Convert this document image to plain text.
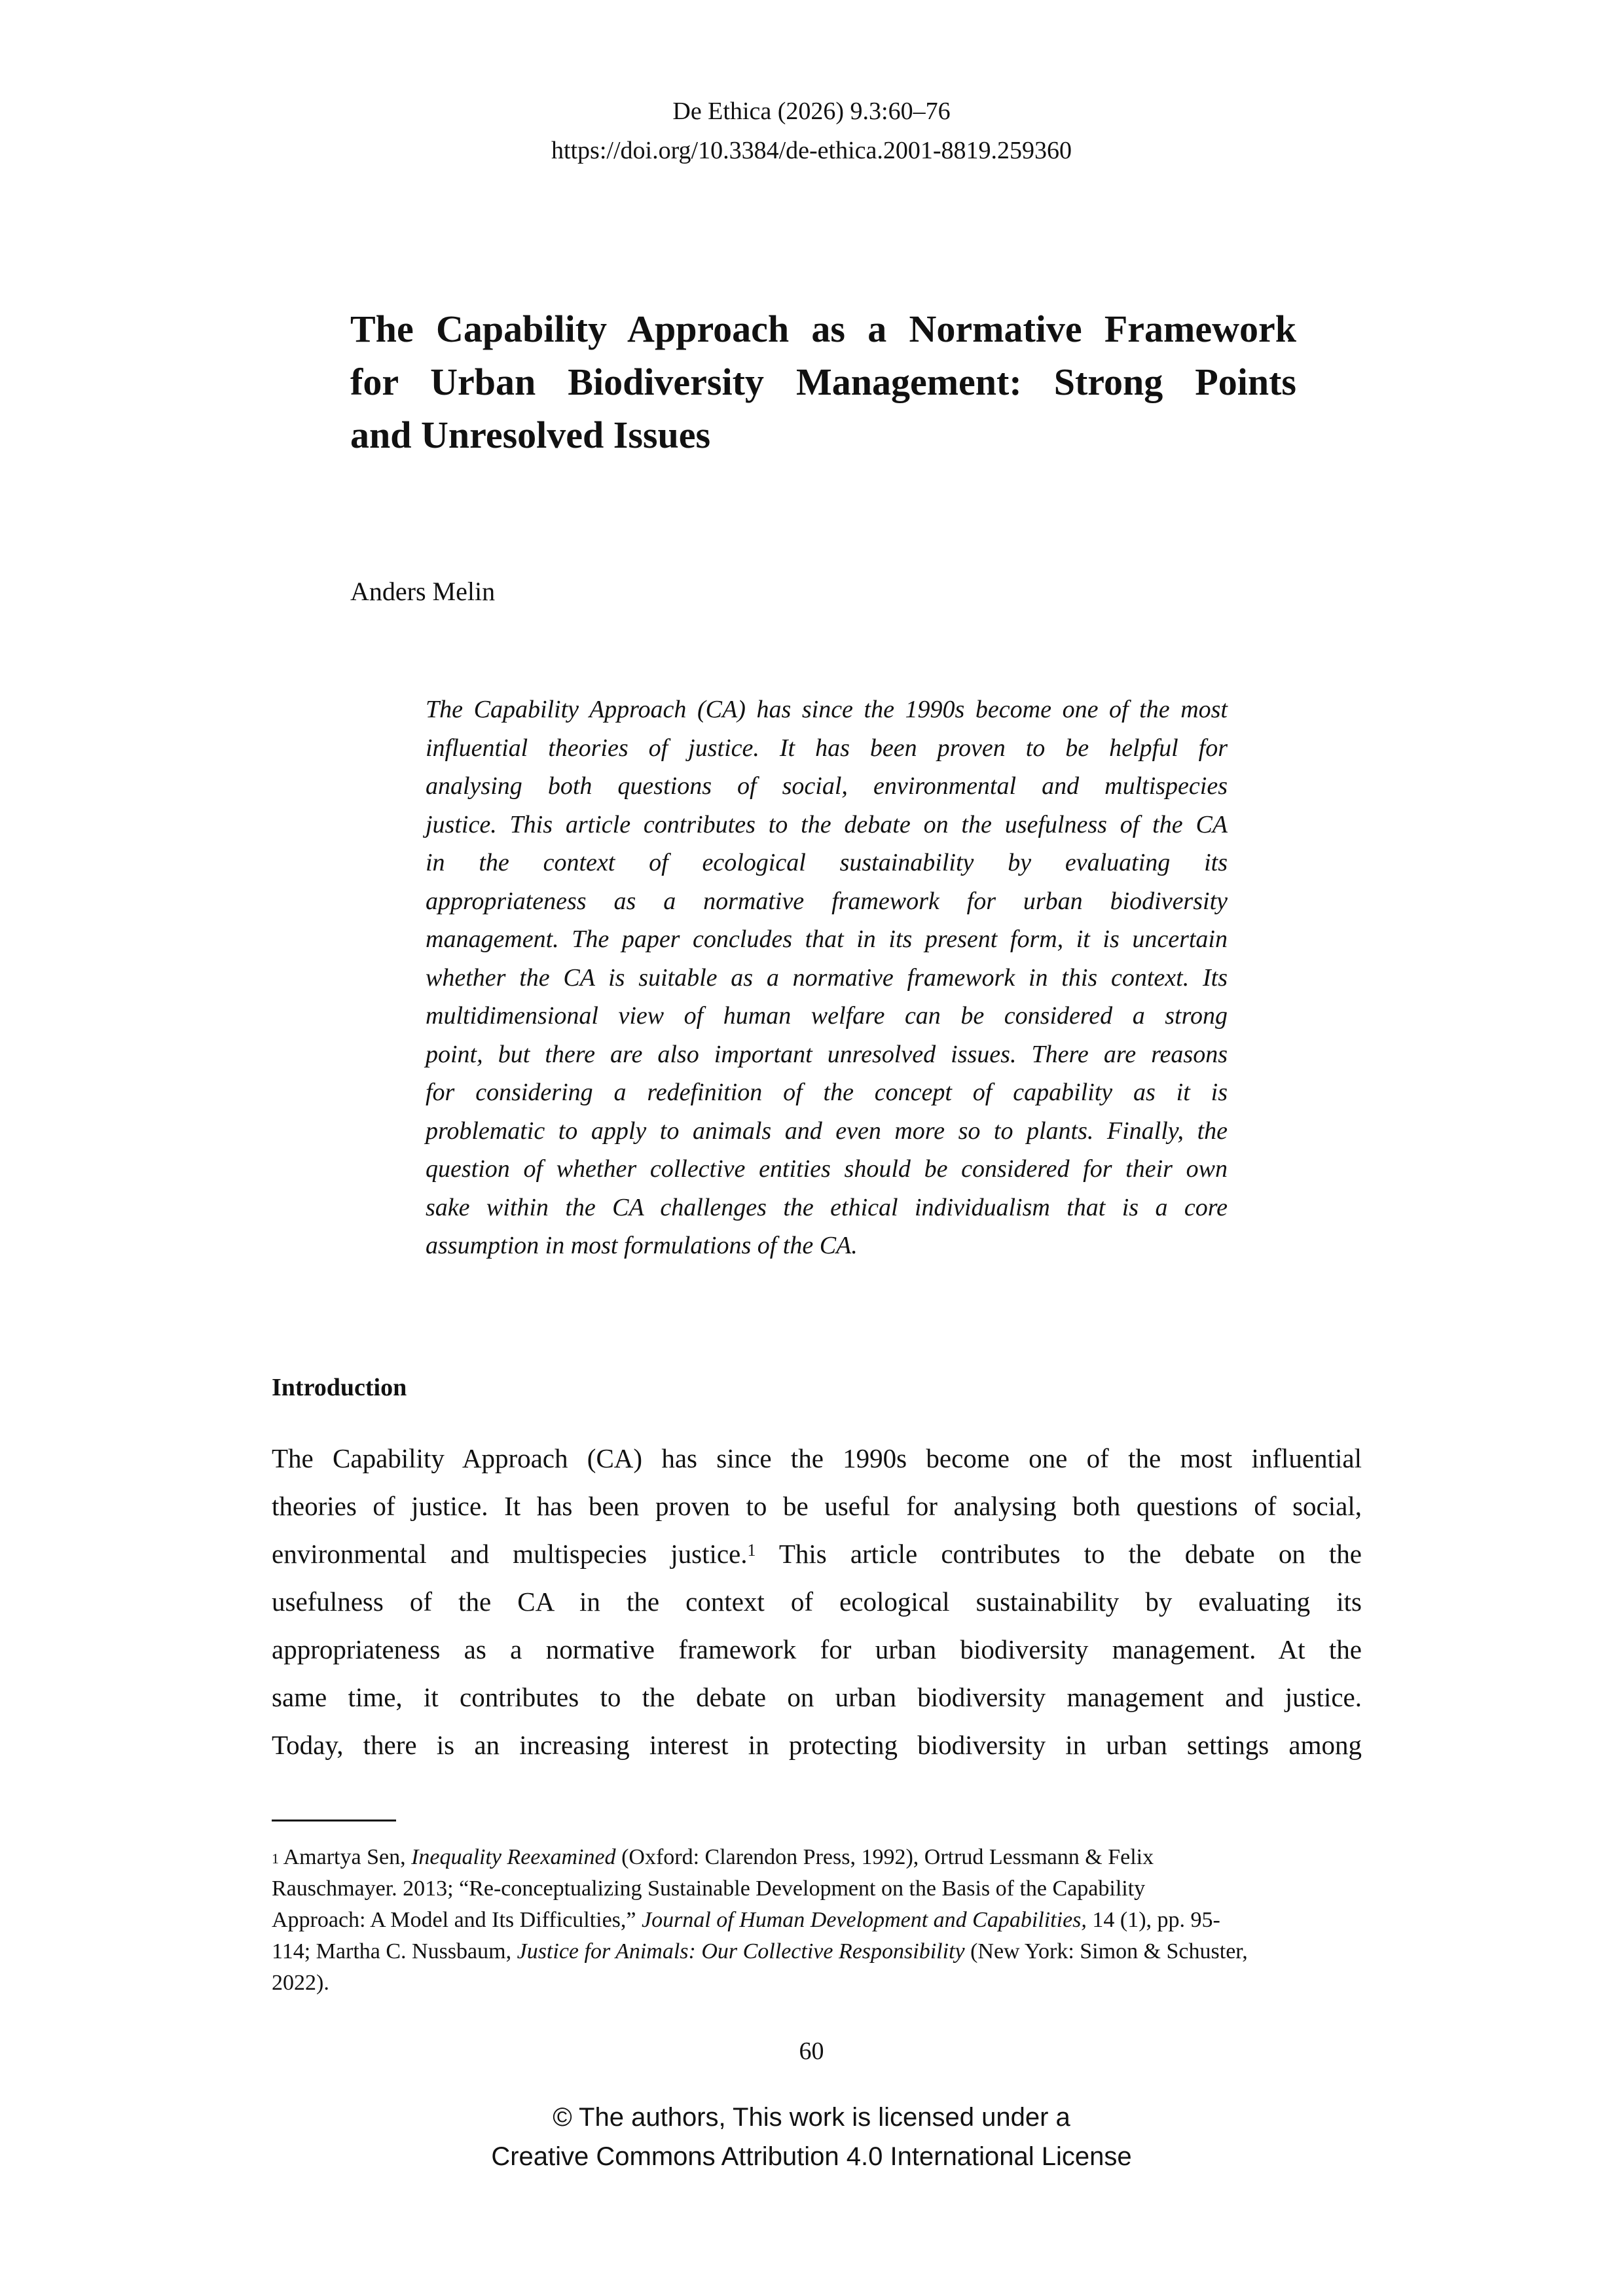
De Ethica (2026) 9.3:60–76
https://doi.org/10.3384/de-ethica.2001-8819.259360
The Capability Approach as a Normative Framework
for Urban Biodiversity Management: Strong Points
and Unresolved Issues
Anders Melin
The Capability Approach (CA) has since the 1990s become one of the most
influential theories of justice. It has been proven to be helpful for
analysing both questions of social, environmental and multispecies
justice. This article contributes to the debate on the usefulness of the CA
in the context of ecological sustainability by evaluating its
appropriateness as a normative framework for urban biodiversity
management. The paper concludes that in its present form, it is uncertain
whether the CA is suitable as a normative framework in this context. Its
multidimensional view of human welfare can be considered a strong
point, but there are also important unresolved issues. There are reasons
for considering a redefinition of the concept of capability as it is
problematic to apply to animals and even more so to plants. Finally, the
question of whether collective entities should be considered for their own
sake within the CA challenges the ethical individualism that is a core
assumption in most formulations of the CA.
Introduction
The Capability Approach (CA) has since the 1990s become one of the most influential
theories of justice. It has been proven to be useful for analysing both questions of social,
environmental and multispecies justice.$^1$ This article contributes to the debate on the
usefulness of the CA in the context of ecological sustainability by evaluating its
appropriateness as a normative framework for urban biodiversity management. At the
same time, it contributes to the debate on urban biodiversity management and justice.
Today, there is an increasing interest in protecting biodiversity in urban settings among
$^1$ Amartya Sen, Inequality Reexamined (Oxford: Clarendon Press, 1992), Ortrud Lessmann & Felix
Rauschmayer. 2013; “Re-conceptualizing Sustainable Development on the Basis of the Capability
Approach: A Model and Its Difficulties,” Journal of Human Development and Capabilities, 14 (1), pp. 95-
114; Martha C. Nussbaum, Justice for Animals: Our Collective Responsibility (New York: Simon & Schuster,
2022).
60
© The authors, This work is licensed under a
Creative Commons Attribution 4.0 International License
